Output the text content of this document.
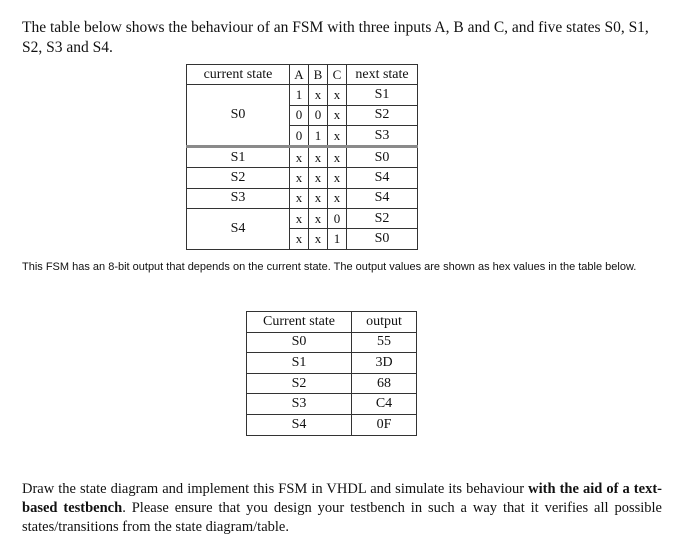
The table below shows the behaviour of an FSM with three inputs A, B and C, and five states S0, S1, S2, S3 and S4.

current state	A	B	C	next state
S0	1	x	x	S1
	0	0	x	S2
	0	1	x	S3
S1	x	x	x	S0
S2	x	x	x	S4
S3	x	x	x	S4
S4	x	x	0	S2
	x	x	1	S0

This FSM has an 8-bit output that depends on the current state. The output values are shown as hex values in the table below.

Current state	output
S0	55
S1	3D
S2	68
S3	C4
S4	0F

Draw the state diagram and implement this FSM in VHDL and simulate its behaviour with the aid of a text-based testbench. Please ensure that you design your testbench in such a way that it verifies all possible states/transitions from the state diagram/table.
